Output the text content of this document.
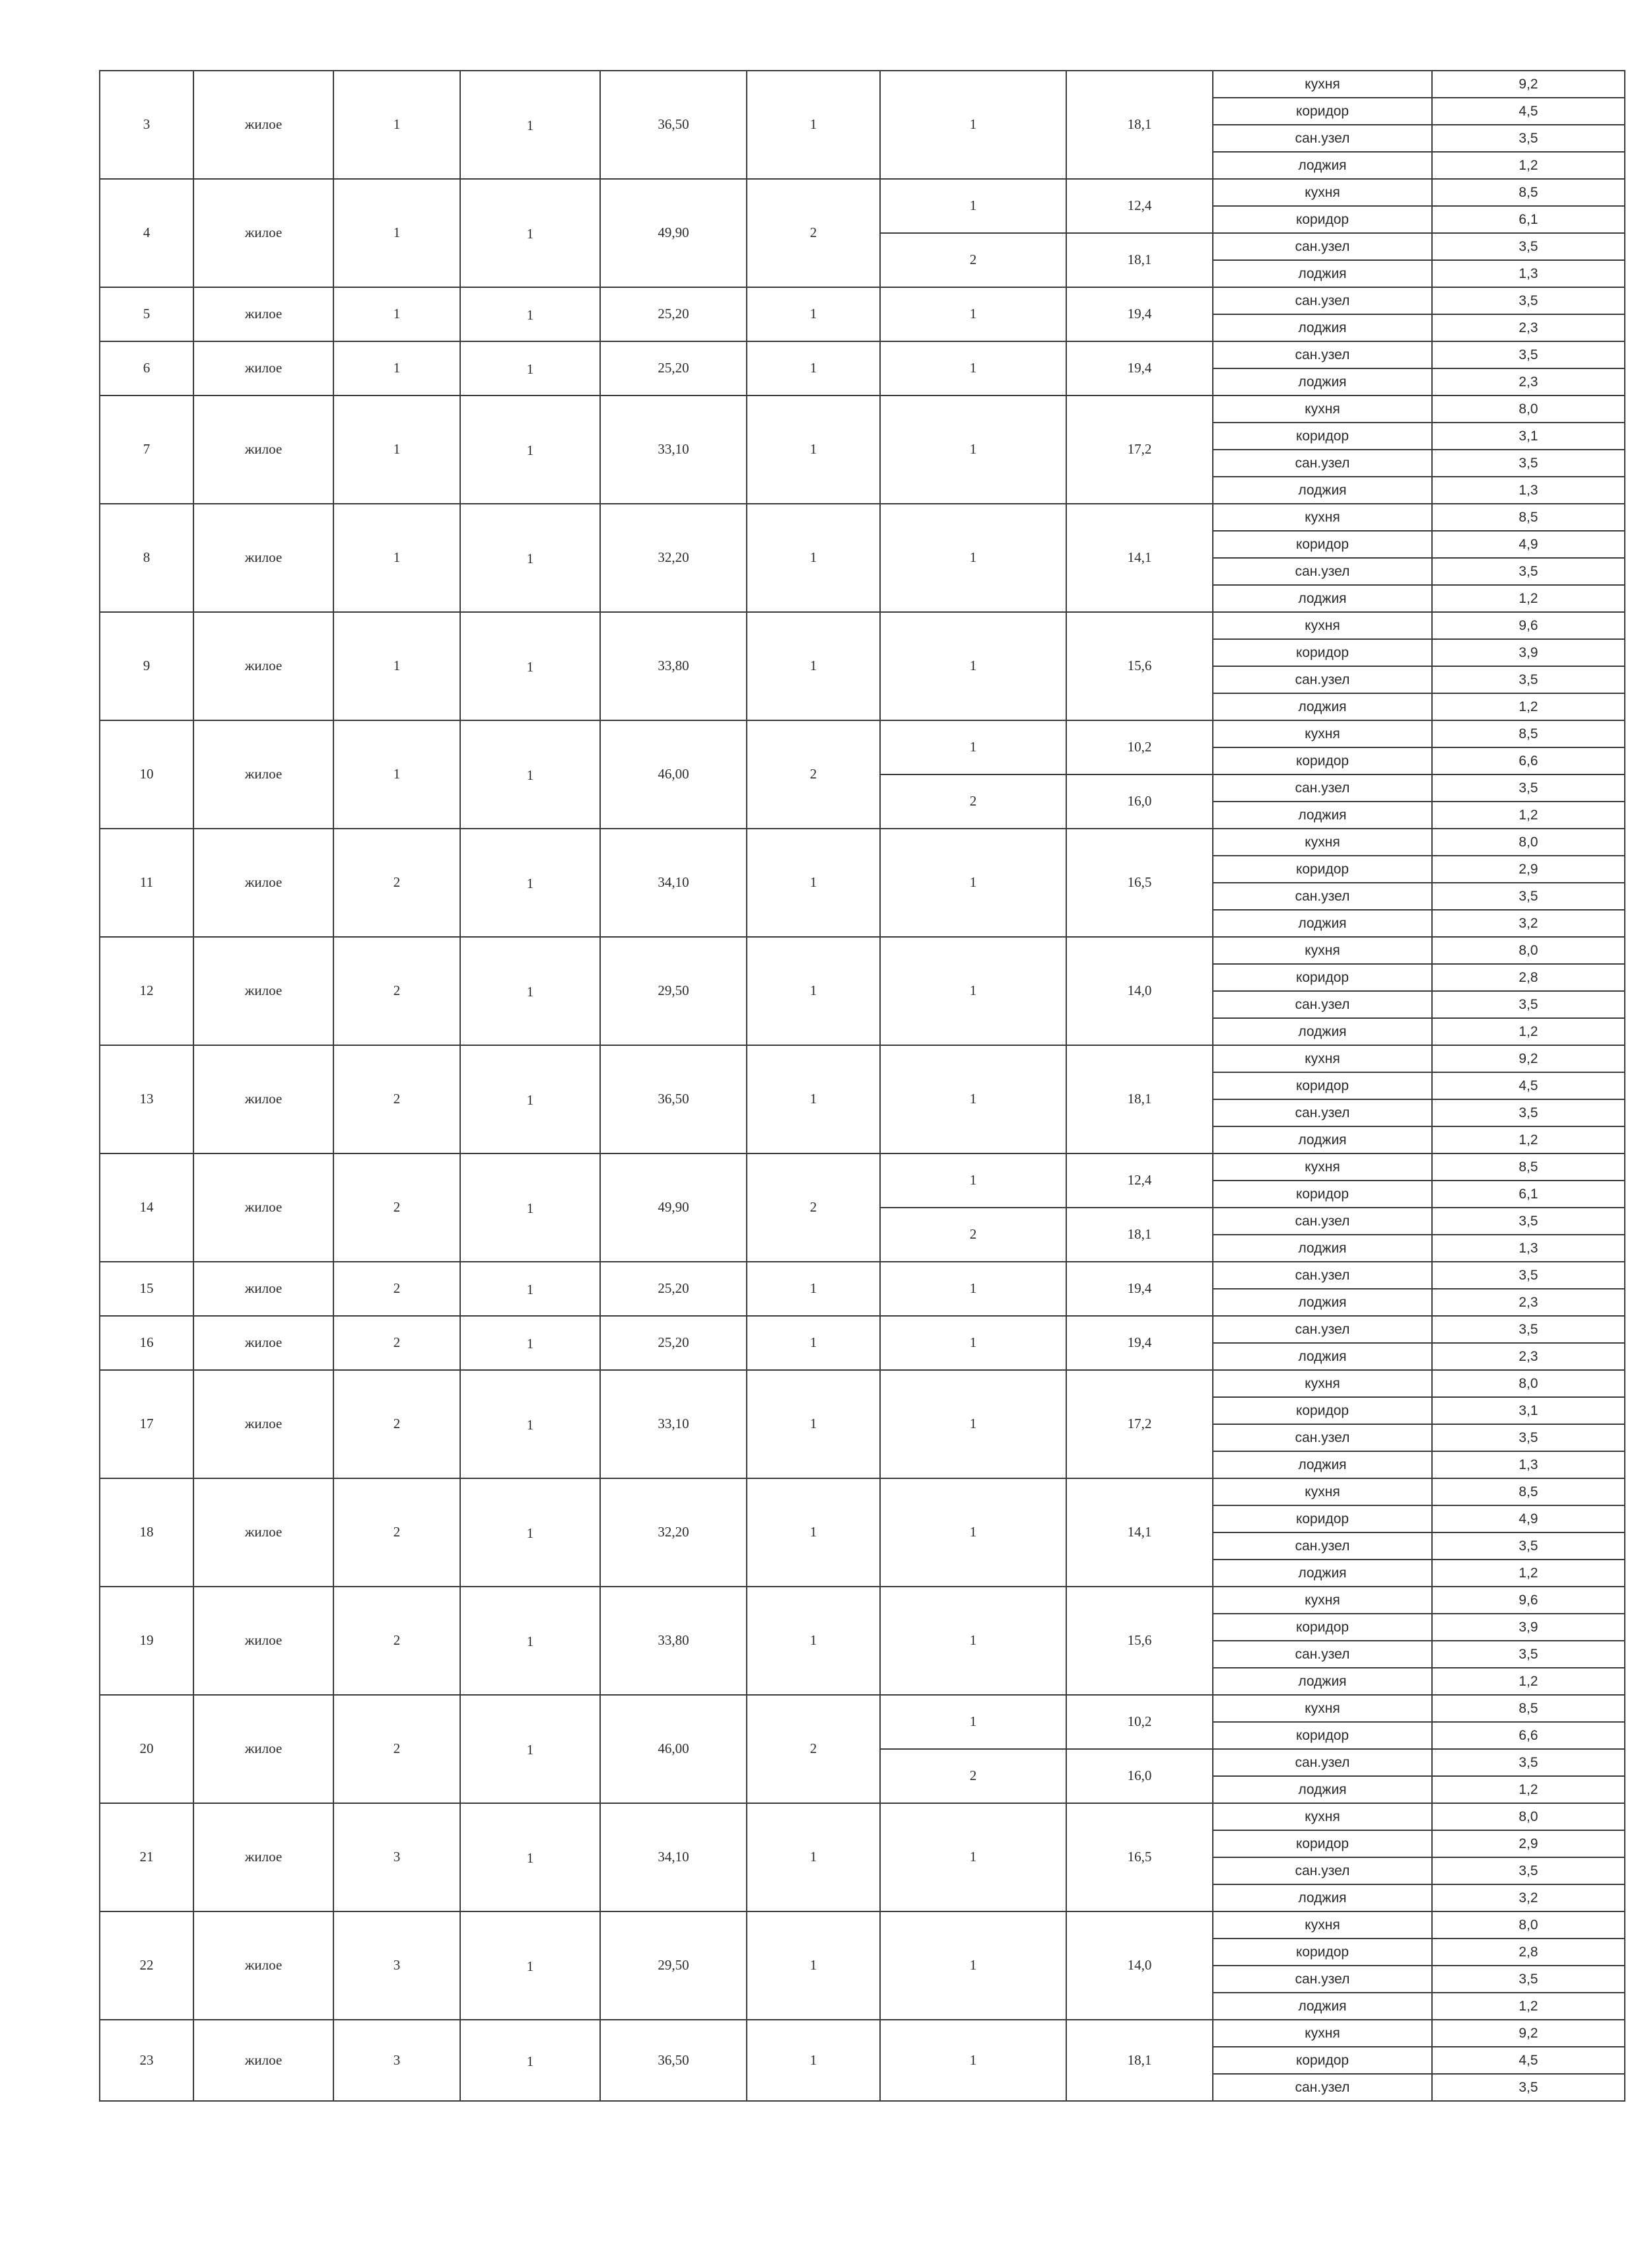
3	жилое	1	1	36,50	1	1	18,1	кухня	9,2
								коридор	4,5
								сан.узел	3,5
								лоджия	1,2
4	жилое	1	1	49,90	2	1	12,4	кухня	8,5
								коридор	6,1
						2	18,1	сан.узел	3,5
								лоджия	1,3
5	жилое	1	1	25,20	1	1	19,4	сан.узел	3,5
								лоджия	2,3
6	жилое	1	1	25,20	1	1	19,4	сан.узел	3,5
								лоджия	2,3
7	жилое	1	1	33,10	1	1	17,2	кухня	8,0
								коридор	3,1
								сан.узел	3,5
								лоджия	1,3
8	жилое	1	1	32,20	1	1	14,1	кухня	8,5
								коридор	4,9
								сан.узел	3,5
								лоджия	1,2
9	жилое	1	1	33,80	1	1	15,6	кухня	9,6
								коридор	3,9
								сан.узел	3,5
								лоджия	1,2
10	жилое	1	1	46,00	2	1	10,2	кухня	8,5
								коридор	6,6
						2	16,0	сан.узел	3,5
								лоджия	1,2
11	жилое	2	1	34,10	1	1	16,5	кухня	8,0
								коридор	2,9
								сан.узел	3,5
								лоджия	3,2
12	жилое	2	1	29,50	1	1	14,0	кухня	8,0
								коридор	2,8
								сан.узел	3,5
								лоджия	1,2
13	жилое	2	1	36,50	1	1	18,1	кухня	9,2
								коридор	4,5
								сан.узел	3,5
								лоджия	1,2
14	жилое	2	1	49,90	2	1	12,4	кухня	8,5
								коридор	6,1
						2	18,1	сан.узел	3,5
								лоджия	1,3
15	жилое	2	1	25,20	1	1	19,4	сан.узел	3,5
								лоджия	2,3
16	жилое	2	1	25,20	1	1	19,4	сан.узел	3,5
								лоджия	2,3
17	жилое	2	1	33,10	1	1	17,2	кухня	8,0
								коридор	3,1
								сан.узел	3,5
								лоджия	1,3
18	жилое	2	1	32,20	1	1	14,1	кухня	8,5
								коридор	4,9
								сан.узел	3,5
								лоджия	1,2
19	жилое	2	1	33,80	1	1	15,6	кухня	9,6
								коридор	3,9
								сан.узел	3,5
								лоджия	1,2
20	жилое	2	1	46,00	2	1	10,2	кухня	8,5
								коридор	6,6
						2	16,0	сан.узел	3,5
								лоджия	1,2
21	жилое	3	1	34,10	1	1	16,5	кухня	8,0
								коридор	2,9
								сан.узел	3,5
								лоджия	3,2
22	жилое	3	1	29,50	1	1	14,0	кухня	8,0
								коридор	2,8
								сан.узел	3,5
								лоджия	1,2
23	жилое	3	1	36,50	1	1	18,1	кухня	9,2
								коридор	4,5
								сан.узел	3,5
